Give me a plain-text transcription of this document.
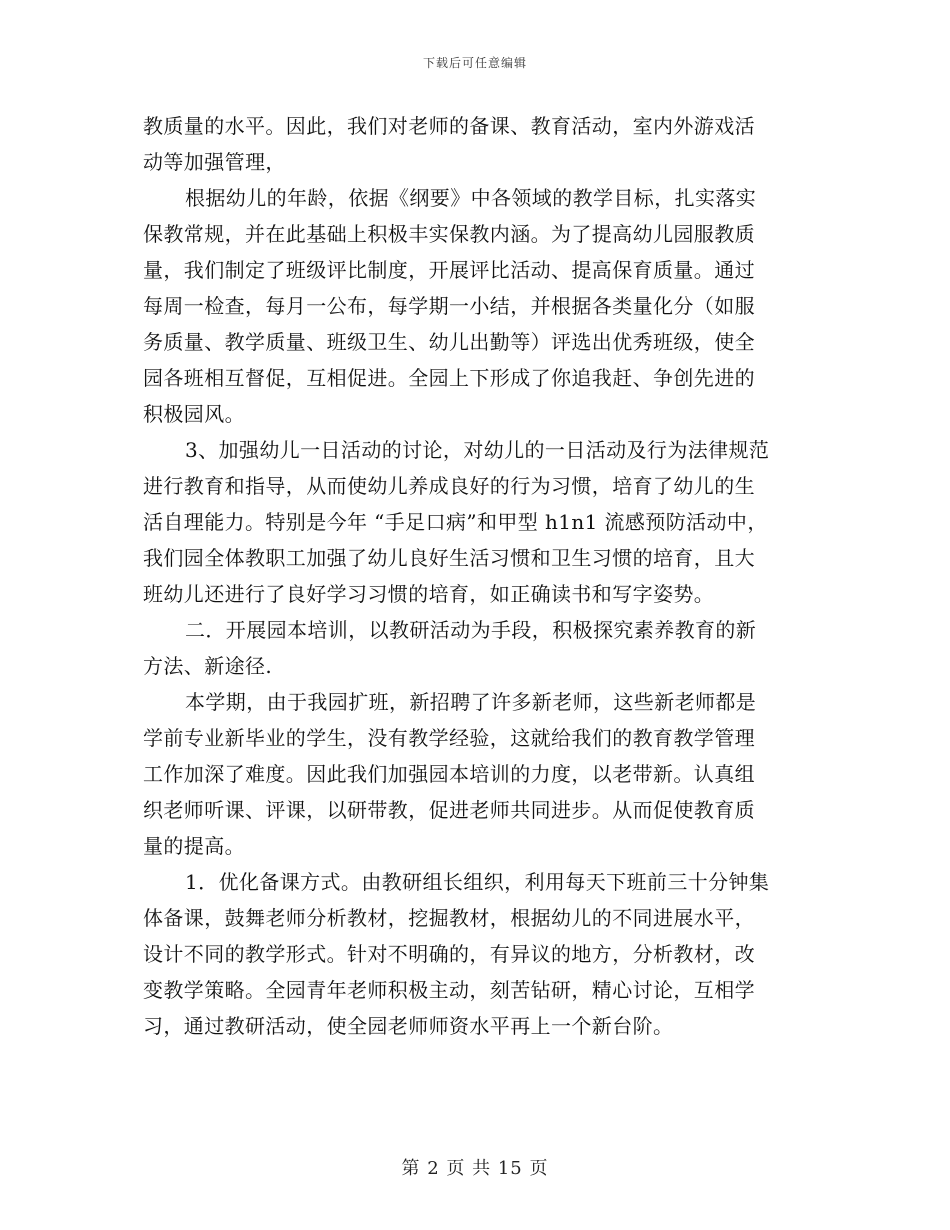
下载后可任意编辑
教质量的水平。因此，我们对老师的备课、教育活动，室内外游戏活
动等加强管理，
根据幼儿的年龄，依据《纲要》中各领域的教学目标，扎实落实
保教常规，并在此基础上积极丰实保教内涵。为了提高幼儿园服教质
量，我们制定了班级评比制度，开展评比活动、提高保育质量。通过
每周一检查，每月一公布，每学期一小结，并根据各类量化分（如服
务质量、教学质量、班级卫生、幼儿出勤等）评选出优秀班级，使全
园各班相互督促，互相促进。全园上下形成了你追我赶、争创先进的
积极园风。
3、加强幼儿一日活动的讨论，对幼儿的一日活动及行为法律规范
进行教育和指导，从而使幼儿养成良好的行为习惯，培育了幼儿的生
活自理能力。特别是今年 “手足口病”和甲型 h1n1 流感预防活动中，
我们园全体教职工加强了幼儿良好生活习惯和卫生习惯的培育，且大
班幼儿还进行了良好学习习惯的培育，如正确读书和写字姿势。
二．开展园本培训，以教研活动为手段，积极探究素养教育的新
方法、新途径.
本学期，由于我园扩班，新招聘了许多新老师，这些新老师都是
学前专业新毕业的学生，没有教学经验，这就给我们的教育教学管理
工作加深了难度。因此我们加强园本培训的力度，以老带新。认真组
织老师听课、评课，以研带教，促进老师共同进步。从而促使教育质
量的提高。
1．优化备课方式。由教研组长组织，利用每天下班前三十分钟集
体备课，鼓舞老师分析教材，挖掘教材，根据幼儿的不同进展水平，
设计不同的教学形式。针对不明确的，有异议的地方，分析教材，改
变教学策略。全园青年老师积极主动，刻苦钻研，精心讨论，互相学
习，通过教研活动，使全园老师师资水平再上一个新台阶。
第 2 页 共 15 页
